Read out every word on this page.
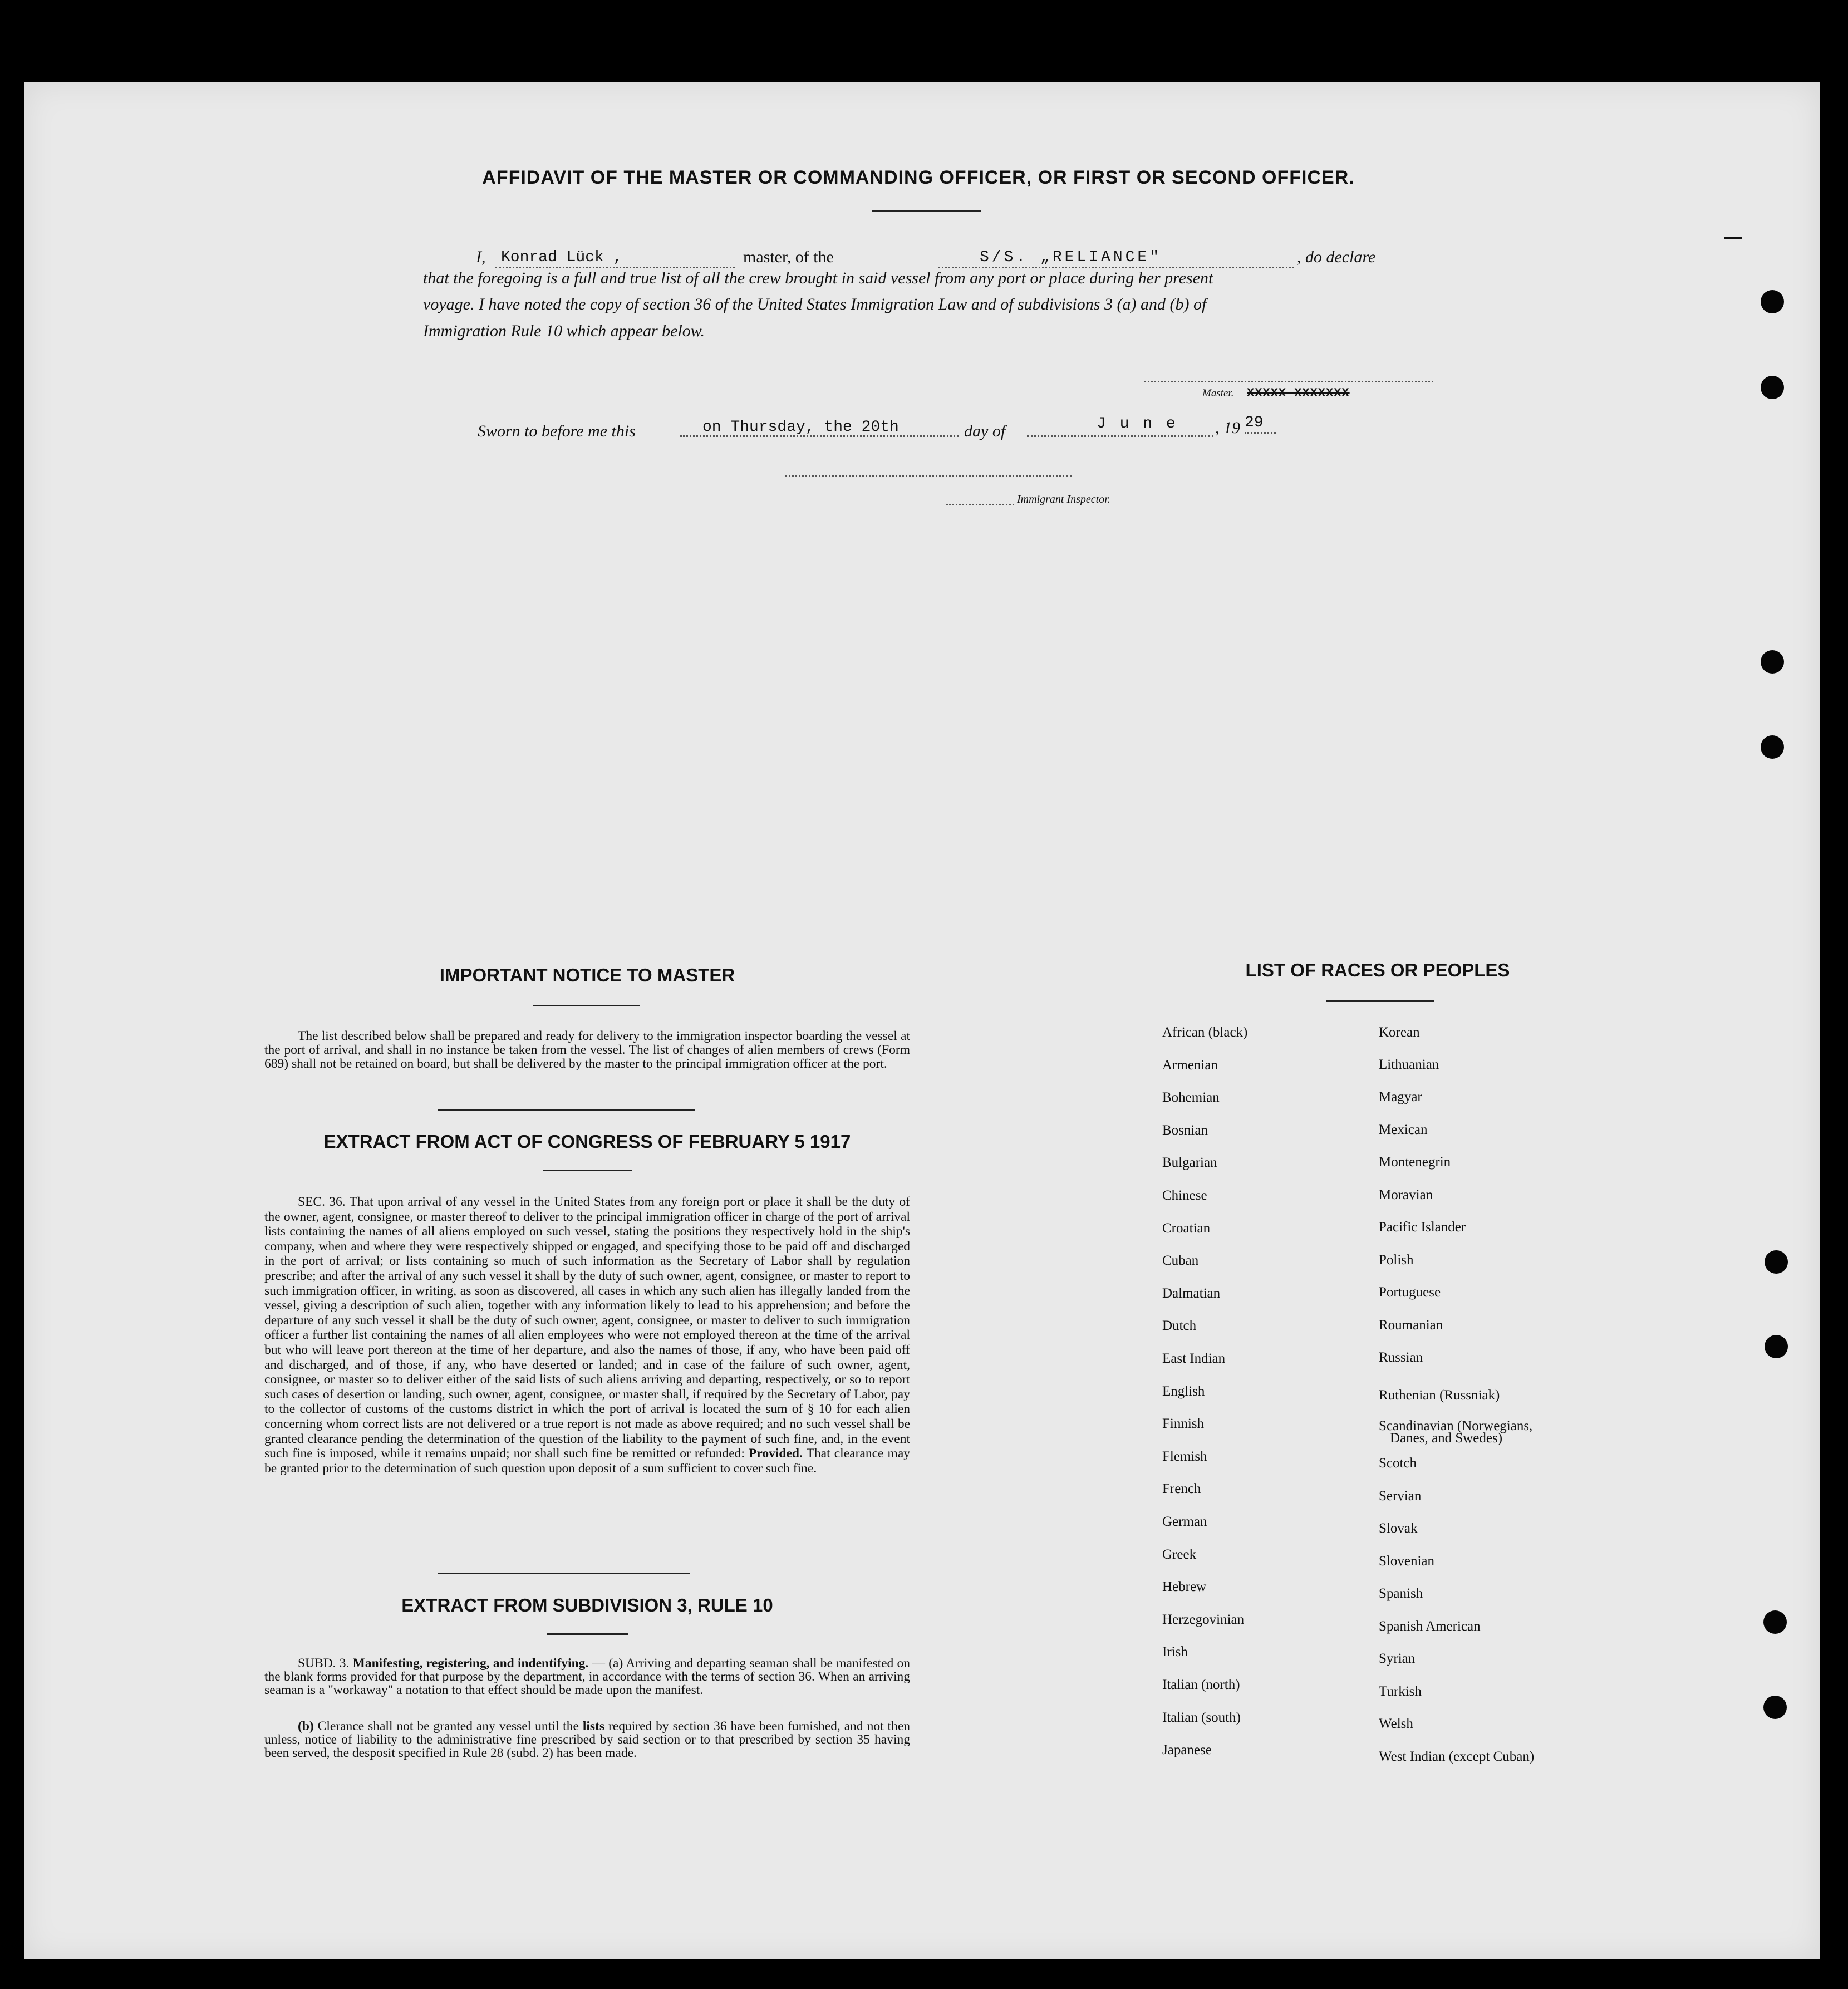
AFFIDAVIT OF THE MASTER OR COMMANDING OFFICER, OR FIRST OR SECOND OFFICER.
I, Konrad Lück ,	master, of the	S/S. „RELIANCE"	, do declare
that the foregoing is a full and true list of all the crew brought in said vessel from any port or place during her present
voyage. I have noted the copy of section 36 of the United States Immigration Law and of subdivisions 3 (a) and (b) of
Immigration Rule 10 which appear below.
Master. XXXXX XXXXXXX
Sworn to before me this	on Thursday, the 20th	day of	J u n e , 19 29
Immigrant Inspector.
IMPORTANT NOTICE TO MASTER
The list described below shall be prepared and ready for delivery to the immigration inspector boarding the vessel at the port of arrival, and shall in no instance be taken from the vessel. The list of changes of alien members of crews (Form 689) shall not be retained on board, but shall be delivered by the master to the principal immigration officer at the port.
EXTRACT FROM ACT OF CONGRESS OF FEBRUARY 5 1917
SEC. 36. That upon arrival of any vessel in the United States from any foreign port or place it shall be the duty of the owner, agent, consignee, or master thereof to deliver to the principal immigration officer in charge of the port of arrival lists containing the names of all aliens employed on such vessel, stating the positions they respectively hold in the ship's company, when and where they were respectively shipped or engaged, and specifying those to be paid off and discharged in the port of arrival; or lists containing so much of such information as the Secretary of Labor shall by regulation prescribe; and after the arrival of any such vessel it shall by the duty of such owner, agent, consignee, or master to report to such immigration officer, in writing, as soon as discovered, all cases in which any such alien has illegally landed from the vessel, giving a description of such alien, together with any information likely to lead to his apprehension; and before the departure of any such vessel it shall be the duty of such owner, agent, consignee, or master to deliver to such immigration officer a further list containing the names of all alien employees who were not employed thereon at the time of the arrival but who will leave port thereon at the time of her departure, and also the names of those, if any, who have been paid off and discharged, and of those, if any, who have deserted or landed; and in case of the failure of such owner, agent, consignee, or master so to deliver either of the said lists of such aliens arriving and departing, respectively, or so to report such cases of desertion or landing, such owner, agent, consignee, or master shall, if required by the Secretary of Labor, pay to the collector of customs of the customs district in which the port of arrival is located the sum of § 10 for each alien concerning whom correct lists are not delivered or a true report is not made as above required; and no such vessel shall be granted clearance pending the determination of the question of the liability to the payment of such fine, and, in the event such fine is imposed, while it remains unpaid; nor shall such fine be remitted or refunded: Provided. That clearance may be granted prior to the determination of such question upon deposit of a sum sufficient to cover such fine.
EXTRACT FROM SUBDIVISION 3, RULE 10
SUBD. 3. Manifesting, registering, and indentifying. — (a) Arriving and departing seaman shall be manifested on the blank forms provided for that purpose by the department, in accordance with the terms of section 36. When an arriving seaman is a "workaway" a notation to that effect should be made upon the manifest.
(b) Clerance shall not be granted any vessel until the lists required by section 36 have been furnished, and not then unless, notice of liability to the administrative fine prescribed by said section or to that prescribed by section 35 having been served, the desposit specified in Rule 28 (subd. 2) has been made.
LIST OF RACES OR PEOPLES
African (black)
Armenian
Bohemian
Bosnian
Bulgarian
Chinese
Croatian
Cuban
Dalmatian
Dutch
East Indian
English
Finnish
Flemish
French
German
Greek
Hebrew
Herzegovinian
Irish
Italian (north)
Italian (south)
Japanese
Korean
Lithuanian
Magyar
Mexican
Montenegrin
Moravian
Pacific Islander
Polish
Portuguese
Roumanian
Russian
Ruthenian (Russniak)
Scandinavian (Norwegians,
Danes, and Swedes)
Scotch
Servian
Slovak
Slovenian
Spanish
Spanish American
Syrian
Turkish
Welsh
West Indian (except Cuban)
